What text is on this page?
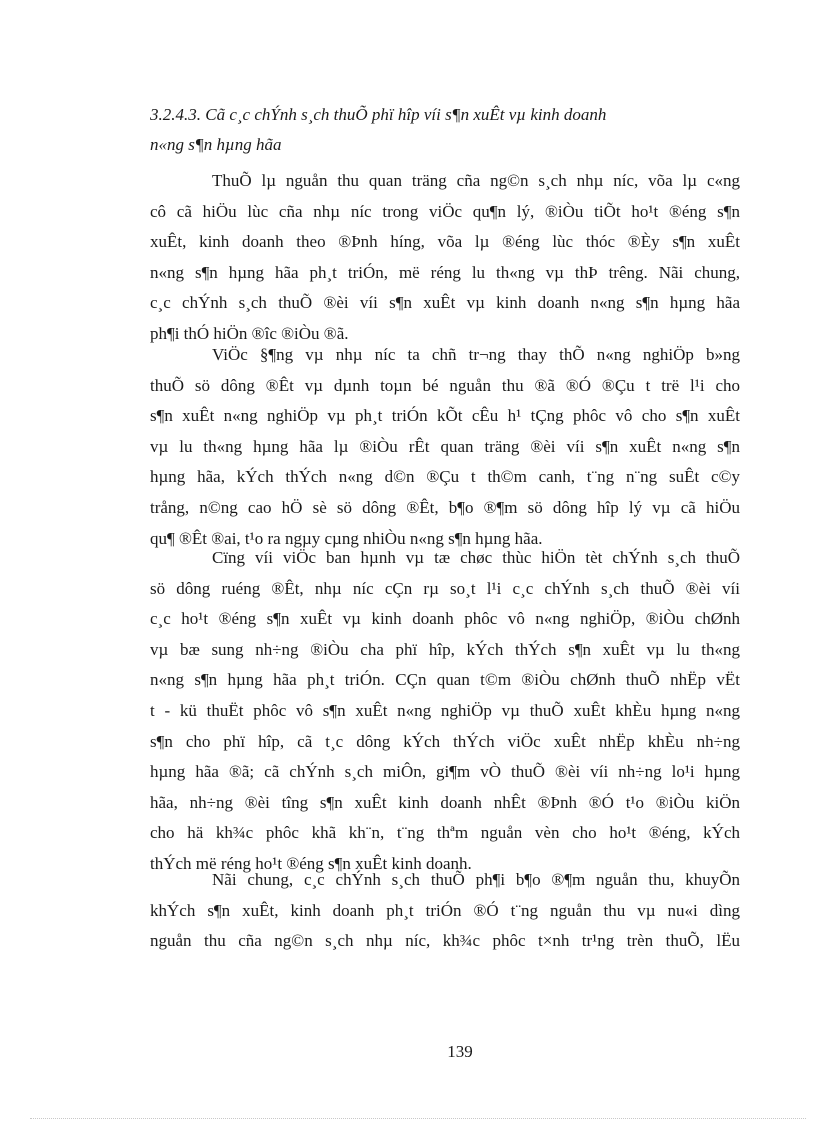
3.2.4.3. Cã c¸c chÝnh s¸ch thuÕ phï hîp víi s¶n xuÊt vµ kinh doanh
n«ng s¶n hµng hãa
ThuÕ lµ nguån thu quan träng cña ng©n s¸ch nhµ níc, võa lµ c«ng
cô cã hiÖu lùc cña nhµ níc trong viÖc qu¶n lý, ®iÒu tiÕt ho¹t ®éng s¶n
xuÊt, kinh doanh theo ®Þnh híng, võa lµ ®éng lùc thóc ®Èy s¶n xuÊt
n«ng s¶n hµng hãa ph¸t triÓn, më réng lu th«ng vµ thÞ trêng. Nãi chung,
c¸c chÝnh s¸ch thuÕ ®èi víi s¶n xuÊt vµ kinh doanh n«ng s¶n hµng hãa
ph¶i thÓ hiÖn ®îc ®iÒu ®ã.
ViÖc §¶ng vµ nhµ níc ta chñ tr¬ng thay thÕ n«ng nghiÖp b»ng
thuÕ sö dông ®Êt vµ dµnh toµn bé nguån thu ®ã ®Ó ®Çu t trë l¹i cho
s¶n xuÊt n«ng nghiÖp vµ ph¸t triÓn kÕt cÊu h¹ tÇng phôc vô cho s¶n xuÊt
vµ lu th«ng hµng hãa lµ ®iÒu rÊt quan träng ®èi víi s¶n xuÊt n«ng s¶n
hµng hãa, kÝch thÝch n«ng d©n ®Çu t th©m canh, t¨ng n¨ng suÊt c©y
trång, n©ng cao hÖ sè sö dông ®Êt, b¶o ®¶m sö dông hîp lý vµ cã hiÖu
qu¶ ®Êt ®ai, t¹o ra ngµy cµng nhiÒu n«ng s¶n hµng hãa.
Cïng víi viÖc ban hµnh vµ tæ chøc thùc hiÖn tèt chÝnh s¸ch thuÕ
sö dông ruéng ®Êt, nhµ níc cÇn rµ so¸t l¹i c¸c chÝnh s¸ch thuÕ ®èi víi
c¸c ho¹t ®éng s¶n xuÊt vµ kinh doanh phôc vô n«ng nghiÖp, ®iÒu chØnh
vµ bæ sung nh÷ng ®iÒu cha phï hîp, kÝch thÝch s¶n xuÊt vµ lu th«ng
n«ng s¶n hµng hãa ph¸t triÓn. CÇn quan t©m ®iÒu chØnh thuÕ nhËp vËt
t - kü thuËt phôc vô s¶n xuÊt n«ng nghiÖp vµ thuÕ xuÊt khÈu hµng n«ng
s¶n cho phï hîp, cã t¸c dông kÝch thÝch viÖc xuÊt nhËp khÈu nh÷ng
hµng hãa ®ã; cã chÝnh s¸ch miÔn, gi¶m vÒ thuÕ ®èi víi nh÷ng lo¹i hµng
hãa, nh÷ng ®èi tîng s¶n xuÊt kinh doanh nhÊt ®Þnh ®Ó t¹o ®iÒu kiÖn
cho hä kh¾c phôc khã kh¨n, t¨ng thªm nguån vèn cho ho¹t ®éng, kÝch
thÝch më réng ho¹t ®éng s¶n xuÊt kinh doanh.
Nãi chung, c¸c chÝnh s¸ch thuÕ ph¶i b¶o ®¶m nguån thu, khuyÕn
khÝch s¶n xuÊt, kinh doanh ph¸t triÓn ®Ó t¨ng nguån thu vµ nu«i dìng
nguån thu cña ng©n s¸ch nhµ níc, kh¾c phôc t×nh tr¹ng trèn thuÕ, lËu
139
